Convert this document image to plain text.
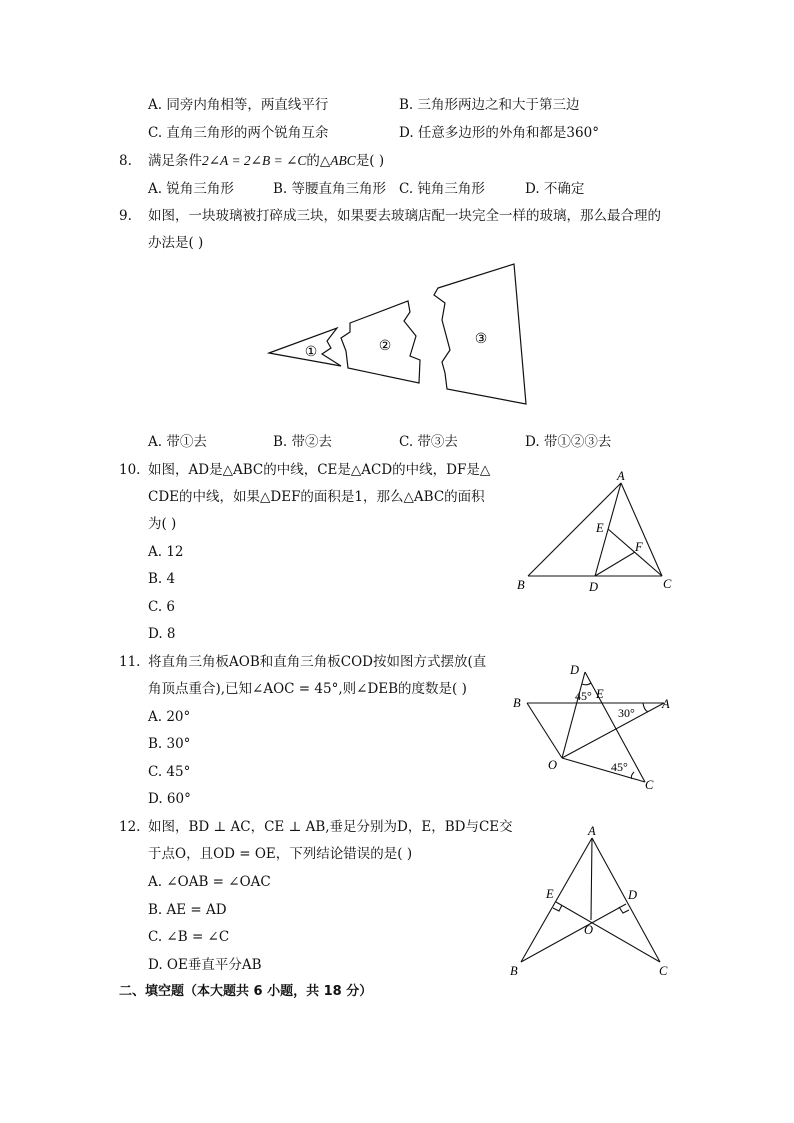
A. 同旁内角相等，两直线平行	B. 三角形两边之和大于第三边
C. 直角三角形的两个锐角互余	D. 任意多边形的外角和都是360°
8. 满足条件2∠A = 2∠B = ∠C的△ABC是( )
A. 锐角三角形	B. 等腰直角三角形 C. 钝角三角形	D. 不确定
9. 如图，一块玻璃被打碎成三块，如果要去玻璃店配一块完全一样的玻璃，那么最合理的
办法是( )
①	②	③
A. 带①去	B. 带②去	C. 带③去	D. 带①②③去
10. 如图，AD是△ABC的中线，CE是△ACD的中线，DF是△
CDE的中线，如果△DEF的面积是1，那么△ABC的面积
为( )
A. 12
B. 4
C. 6
D. 8
A
B	C
D
E
F
11. 将直角三角板AOB和直角三角板COD按如图方式摆放(直
角顶点重合),已知∠AOC = 45°,则∠DEB的度数是( )
A. 20°
B. 30°
C. 45°
D. 60°
D
E
B	A
O
C
45°
30°
45°
12. 如图，BD ⊥ AC，CE ⊥ AB,垂足分别为D，E，BD与CE交
于点O，且OD = OE，下列结论错误的是( )
A. ∠OAB = ∠OAC
B. AE = AD
C. ∠B = ∠C
D. OE垂直平分AB
A
E	D
O
B	C
二、填空题（本大题共 6 小题，共 18 分）
